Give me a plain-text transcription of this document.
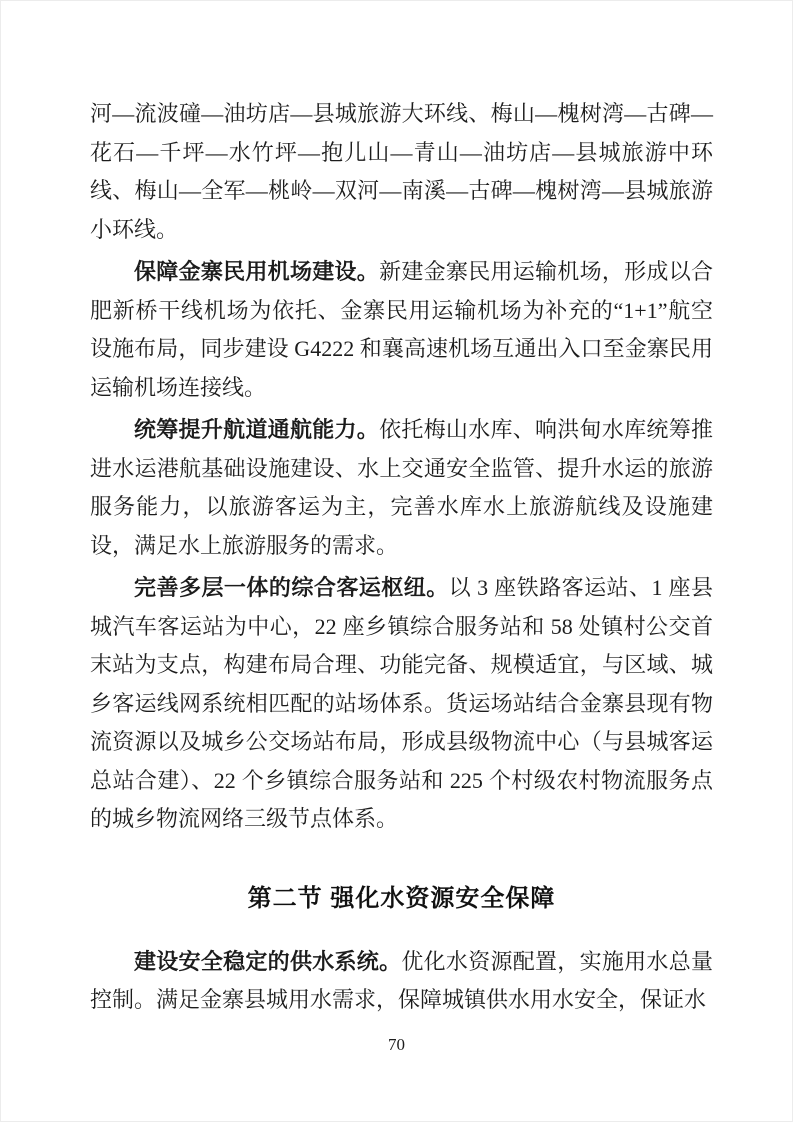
河—流波䃥—油坊店—县城旅游大环线、梅山—槐树湾—古碑—花石—千坪—水竹坪—抱儿山—青山—油坊店—县城旅游中环线、梅山—全军—桃岭—双河—南溪—古碑—槐树湾—县城旅游小环线。

保障金寨民用机场建设。新建金寨民用运输机场，形成以合肥新桥干线机场为依托、金寨民用运输机场为补充的“1+1”航空设施布局，同步建设 G4222 和襄高速机场互通出入口至金寨民用运输机场连接线。

统筹提升航道通航能力。依托梅山水库、响洪甸水库统筹推进水运港航基础设施建设、水上交通安全监管、提升水运的旅游服务能力，以旅游客运为主，完善水库水上旅游航线及设施建设，满足水上旅游服务的需求。

完善多层一体的综合客运枢纽。以 3 座铁路客运站、1 座县城汽车客运站为中心，22 座乡镇综合服务站和 58 处镇村公交首末站为支点，构建布局合理、功能完备、规模适宜，与区域、城乡客运线网系统相匹配的站场体系。货运场站结合金寨县现有物流资源以及城乡公交场站布局，形成县级物流中心（与县城客运总站合建）、22 个乡镇综合服务站和 225 个村级农村物流服务点的城乡物流网络三级节点体系。

第二节 强化水资源安全保障

建设安全稳定的供水系统。优化水资源配置，实施用水总量控制。满足金寨县城用水需求，保障城镇供水用水安全，保证水

70
